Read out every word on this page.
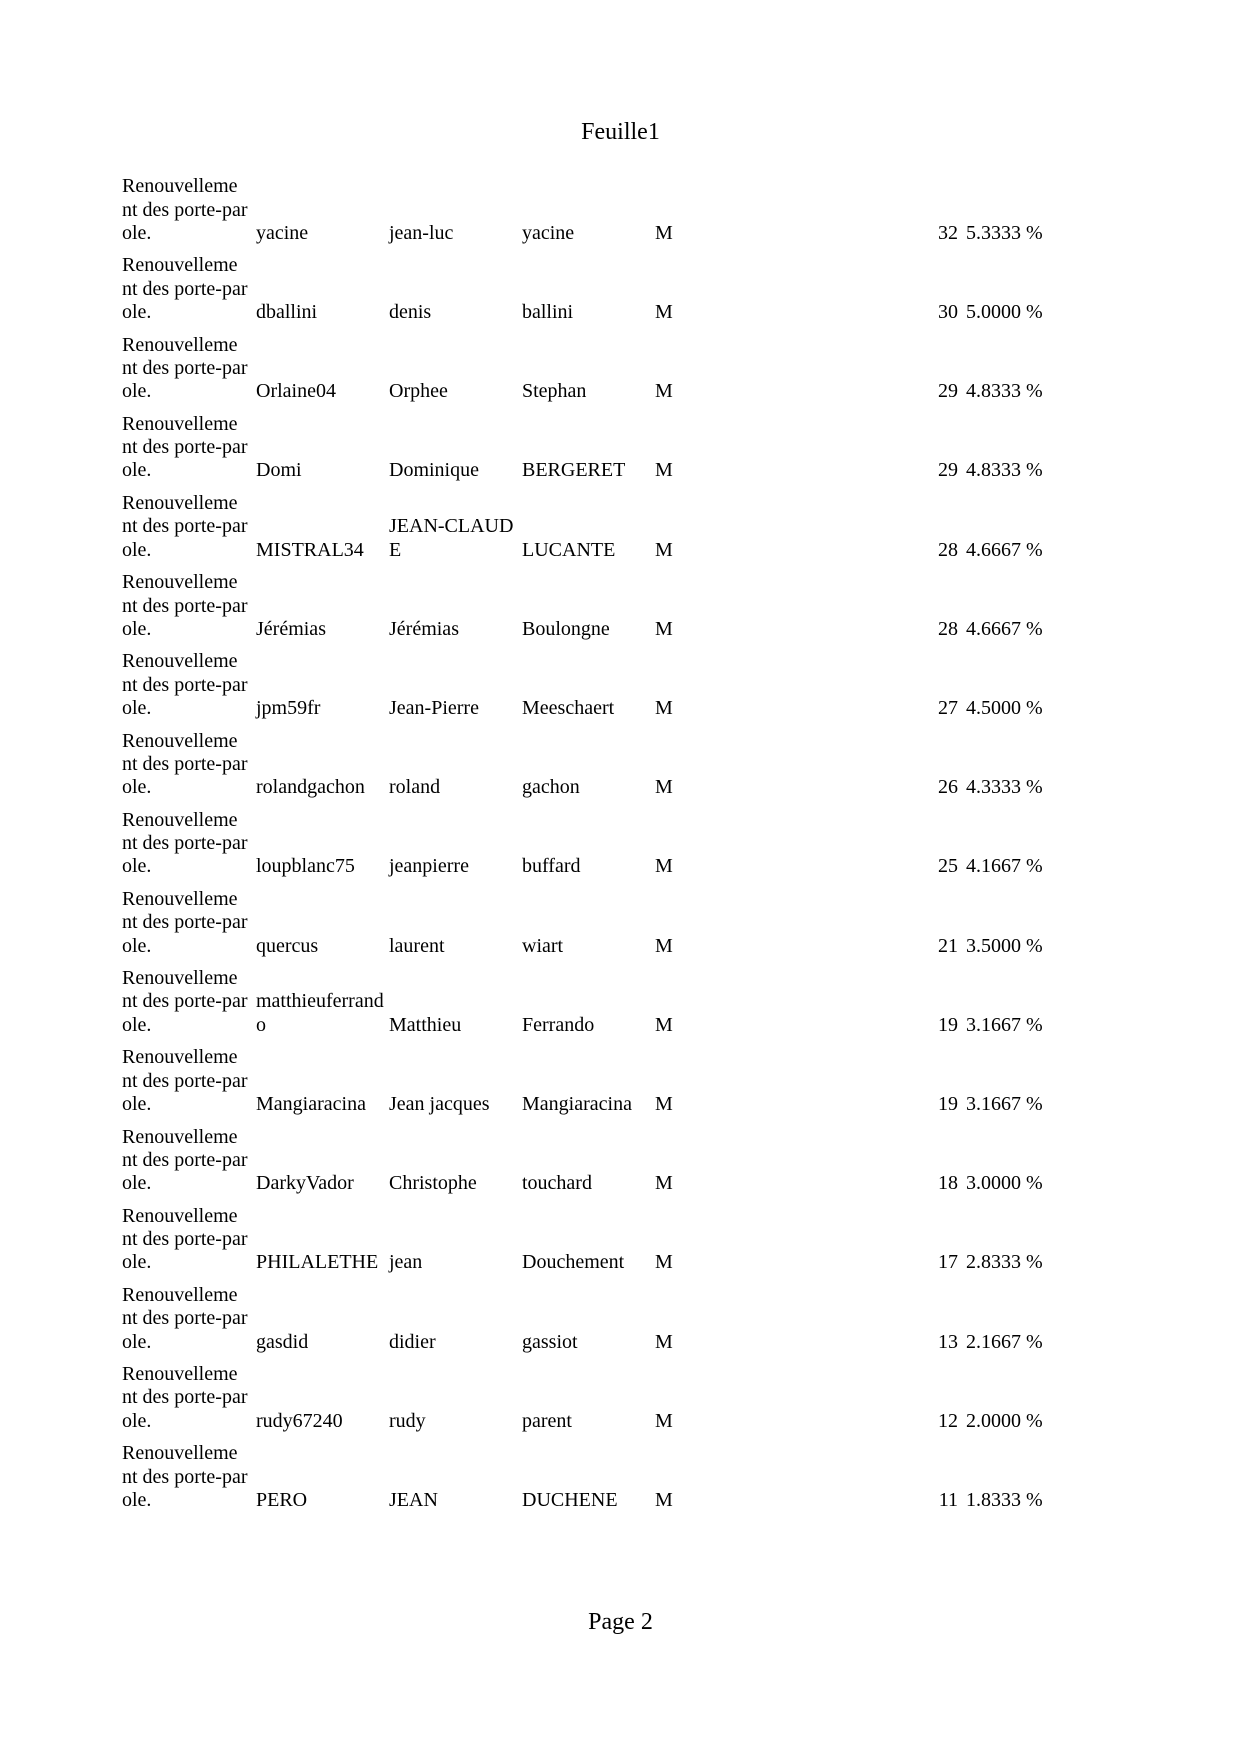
Feuille1
Renouvelleme nt des porte-parole.	yacine	jean-luc	yacine	M		32	5.3333 %

Renouvelleme nt des porte-parole.	dballini	denis	ballini	M		30	5.0000 %

Renouvelleme nt des porte-parole.	Orlaine04	Orphee	Stephan	M		29	4.8333 %

Renouvelleme nt des porte-parole.	Domi	Dominique	BERGERET	M		29	4.8333 %

Renouvelleme nt des porte-parole.	MISTRAL34	JEAN-CLAUDE	LUCANTE	M		28	4.6667 %

Renouvelleme nt des porte-parole.	Jérémias	Jérémias	Boulongne	M		28	4.6667 %

Renouvelleme nt des porte-parole.	jpm59fr	Jean-Pierre	Meeschaert	M		27	4.5000 %

Renouvelleme nt des porte-parole.	rolandgachon	roland	gachon	M		26	4.3333 %

Renouvelleme nt des porte-parole.	loupblanc75	jeanpierre	buffard	M		25	4.1667 %

Renouvelleme nt des porte-parole.	quercus	laurent	wiart	M		21	3.5000 %

Renouvelleme nt des porte-parole.	matthieuferrando	Matthieu	Ferrando	M		19	3.1667 %

Renouvelleme nt des porte-parole.	Mangiaracina	Jean jacques	Mangiaracina	M		19	3.1667 %

Renouvelleme nt des porte-parole.	DarkyVador	Christophe	touchard	M		18	3.0000 %

Renouvelleme nt des porte-parole.	PHILALETHE	jean	Douchement	M		17	2.8333 %

Renouvelleme nt des porte-parole.	gasdid	didier	gassiot	M		13	2.1667 %

Renouvelleme nt des porte-parole.	rudy67240	rudy	parent	M		12	2.0000 %

Renouvelleme nt des porte-parole.	PERO	JEAN	DUCHENE	M		11	1.8333 %
Page 2
